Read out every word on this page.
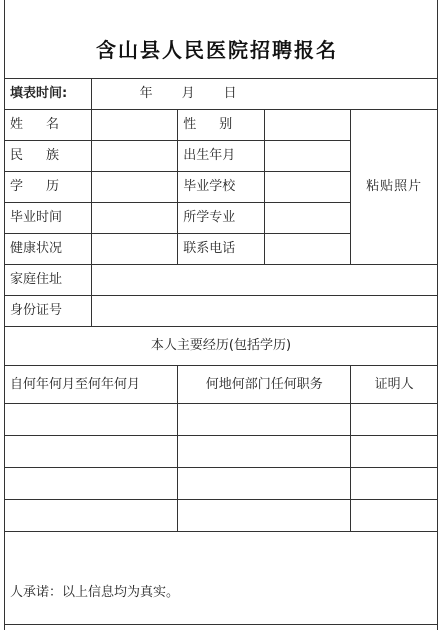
含山县人民医院招聘报名
填表时间:	年　　月　　日			
姓名		性别		粘贴照片
民族		出生年月		
学历		毕业学校		
毕业时间		所学专业		
健康状况		联系电话		
家庭住址				
身份证号				
本人主要经历(包括学历)				
自何年何月至何年何月		何地何部门任何职务		证明人

人承诺：以上信息均为真实。				
